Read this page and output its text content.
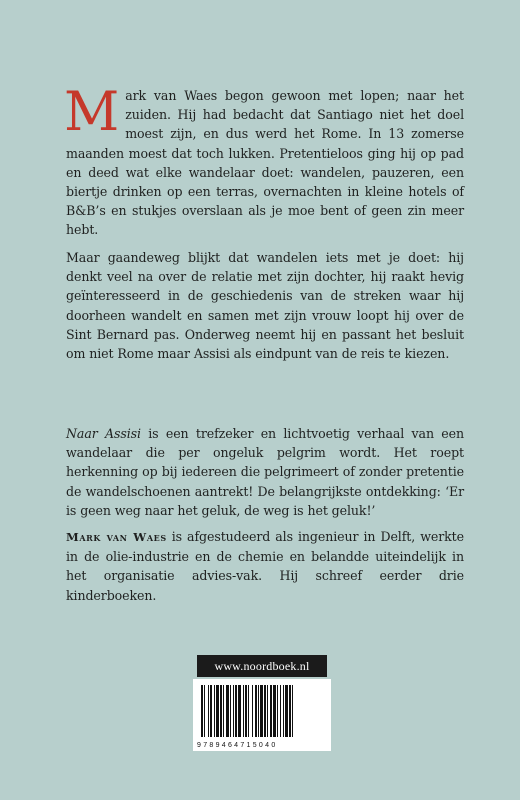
Mark van Waes begon gewoon met lopen; naar het zuiden. Hij had bedacht dat Santiago niet het doel moest zijn, en dus werd het Rome. In 13 zomerse maanden moest dat toch lukken. Pretentieloos ging hij op pad en deed wat elke wandelaar doet: wandelen, pauzeren, een biertje drinken op een terras, overnachten in kleine hotels of B&B’s en stukjes overslaan als je moe bent of geen zin meer hebt.
Maar gaandeweg blijkt dat wandelen iets met je doet: hij denkt veel na over de relatie met zijn dochter, hij raakt hevig geïnteresseerd in de geschiedenis van de streken waar hij doorheen wandelt en samen met zijn vrouw loopt hij over de Sint Bernard pas. Onderweg neemt hij en passant het besluit om niet Rome maar Assisi als eindpunt van de reis te kiezen.
Naar Assisi is een trefzeker en lichtvoetig verhaal van een wandelaar die per ongeluk pelgrim wordt. Het roept herkenning op bij iedereen die pelgrimeert of zonder pretentie de wandelschoenen aantrekt! De belangrijkste ontdekking: ‘Er is geen weg naar het geluk, de weg is het geluk!’
Mark van Waes is afgestudeerd als ingenieur in Delft, werkte in de olie-industrie en de chemie en belandde uiteindelijk in het organisatie advies-vak. Hij schreef eerder drie kinderboeken.
www.noordboek.nl
9789464715040
